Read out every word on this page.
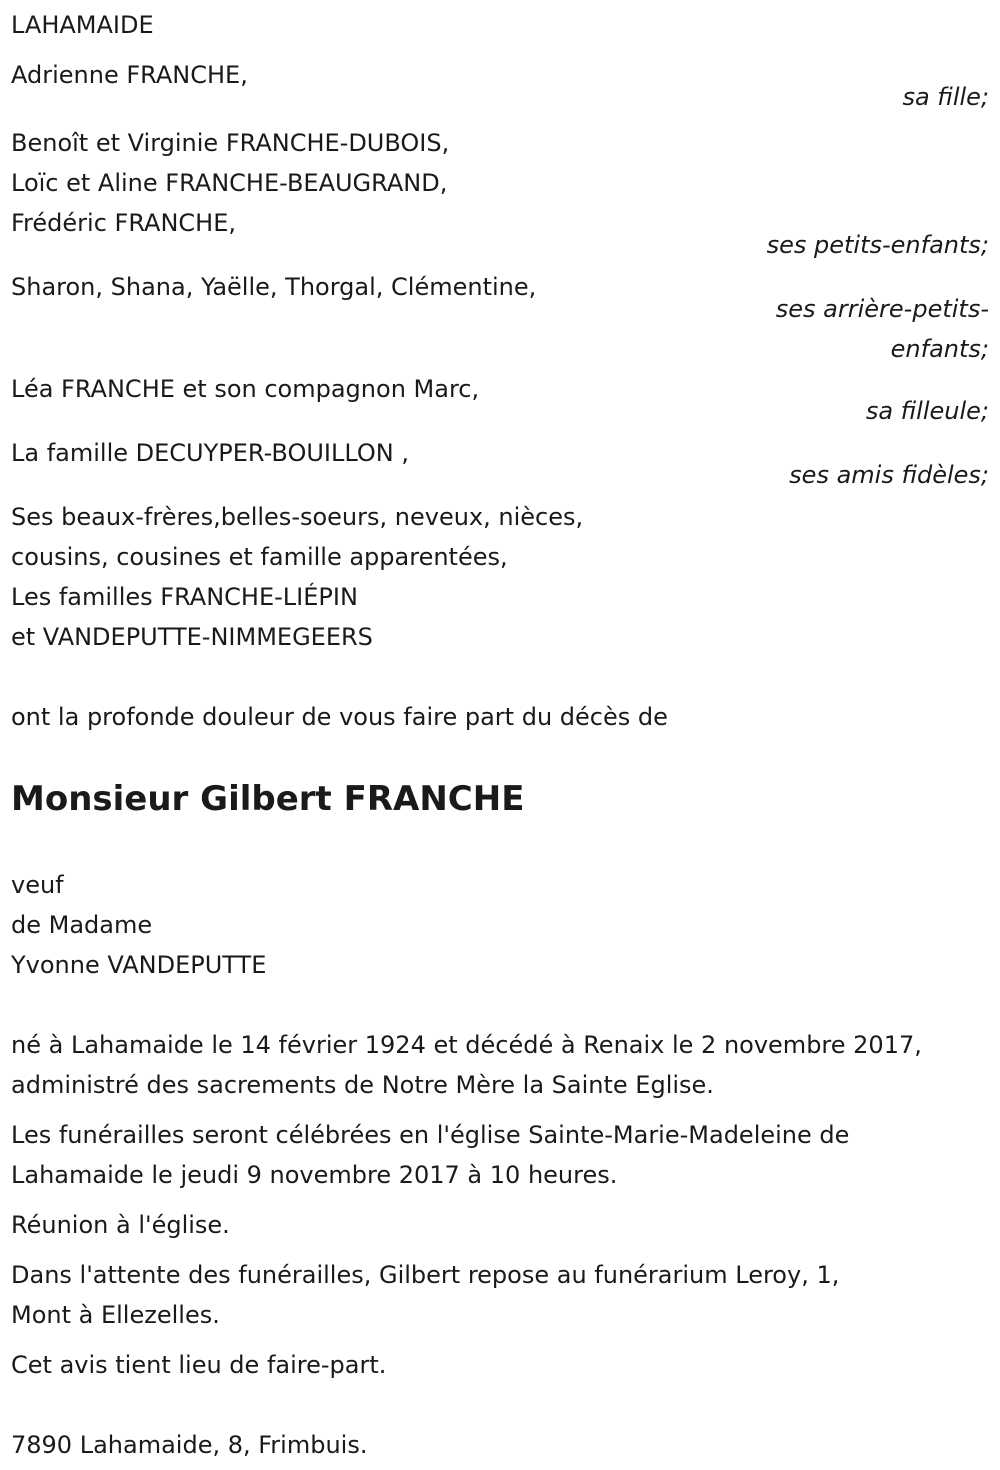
LAHAMAIDE
Adrienne FRANCHE,
sa fille;
Benoît et Virginie FRANCHE-DUBOIS,
Loïc et Aline FRANCHE-BEAUGRAND,
Frédéric FRANCHE,
ses petits-enfants;
Sharon, Shana, Yaëlle, Thorgal, Clémentine,
ses arrière-petits-
enfants;
Léa FRANCHE et son compagnon Marc,
sa filleule;
La famille DECUYPER-BOUILLON ,
ses amis fidèles;
Ses beaux-frères,belles-soeurs, neveux, nièces,
cousins, cousines et famille apparentées,
Les familles FRANCHE-LIÉPIN
et VANDEPUTTE-NIMMEGEERS
ont la profonde douleur de vous faire part du décès de
Monsieur Gilbert FRANCHE
veuf
de Madame
Yvonne VANDEPUTTE
né à Lahamaide le 14 février 1924 et décédé à Renaix le 2 novembre 2017,
administré des sacrements de Notre Mère la Sainte Eglise.
Les funérailles seront célébrées en l'église Sainte-Marie-Madeleine de
Lahamaide le jeudi 9 novembre 2017 à 10 heures.
Réunion à l'église.
Dans l'attente des funérailles, Gilbert repose au funérarium Leroy, 1,
Mont à Ellezelles.
Cet avis tient lieu de faire-part.
7890 Lahamaide, 8, Frimbuis.
